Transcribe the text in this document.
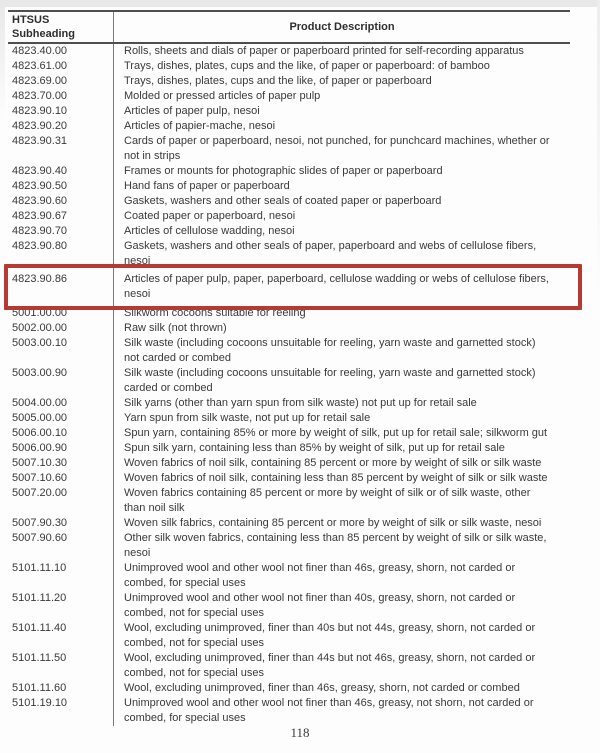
HTSUS
Subheading	Product Description
4823.40.00	Rolls, sheets and dials of paper or paperboard printed for self-recording apparatus
4823.61.00	Trays, dishes, plates, cups and the like, of paper or paperboard: of bamboo
4823.69.00	Trays, dishes, plates, cups and the like, of paper or paperboard
4823.70.00	Molded or pressed articles of paper pulp
4823.90.10	Articles of paper pulp, nesoi
4823.90.20	Articles of papier-mache, nesoi
4823.90.31	Cards of paper or paperboard, nesoi, not punched, for punchcard machines, whether or not in strips
4823.90.40	Frames or mounts for photographic slides of paper or paperboard
4823.90.50	Hand fans of paper or paperboard
4823.90.60	Gaskets, washers and other seals of coated paper or paperboard
4823.90.67	Coated paper or paperboard, nesoi
4823.90.70	Articles of cellulose wadding, nesoi
4823.90.80	Gaskets, washers and other seals of paper, paperboard and webs of cellulose fibers, nesoi
4823.90.86	Articles of paper pulp, paper, paperboard, cellulose wadding or webs of cellulose fibers, nesoi
5001.00.00	Silkworm cocoons suitable for reeling
5002.00.00	Raw silk (not thrown)
5003.00.10	Silk waste (including cocoons unsuitable for reeling, yarn waste and garnetted stock) not carded or combed
5003.00.90	Silk waste (including cocoons unsuitable for reeling, yarn waste and garnetted stock) carded or combed
5004.00.00	Silk yarns (other than yarn spun from silk waste) not put up for retail sale
5005.00.00	Yarn spun from silk waste, not put up for retail sale
5006.00.10	Spun yarn, containing 85% or more by weight of silk, put up for retail sale; silkworm gut
5006.00.90	Spun silk yarn, containing less than 85% by weight of silk, put up for retail sale
5007.10.30	Woven fabrics of noil silk, containing 85 percent or more by weight of silk or silk waste
5007.10.60	Woven fabrics of noil silk, containing less than 85 percent by weight of silk or silk waste
5007.20.00	Woven fabrics containing 85 percent or more by weight of silk or of silk waste, other than noil silk
5007.90.30	Woven silk fabrics, containing 85 percent or more by weight of silk or silk waste, nesoi
5007.90.60	Other silk woven fabrics, containing less than 85 percent by weight of silk or silk waste, nesoi
5101.11.10	Unimproved wool and other wool not finer than 46s, greasy, shorn, not carded or combed, for special uses
5101.11.20	Unimproved wool and other wool not finer than 40s, greasy, shorn, not carded or combed, not for special uses
5101.11.40	Wool, excluding unimproved, finer than 40s but not 44s, greasy, shorn, not carded or combed, not for special uses
5101.11.50	Wool, excluding unimproved, finer than 44s but not 46s, greasy, shorn, not carded or combed, not for special uses
5101.11.60	Wool, excluding unimproved, finer than 46s, greasy, shorn, not carded or combed
5101.19.10	Unimproved wool and other wool not finer than 46s, greasy, not shorn, not carded or combed, for special uses
118
